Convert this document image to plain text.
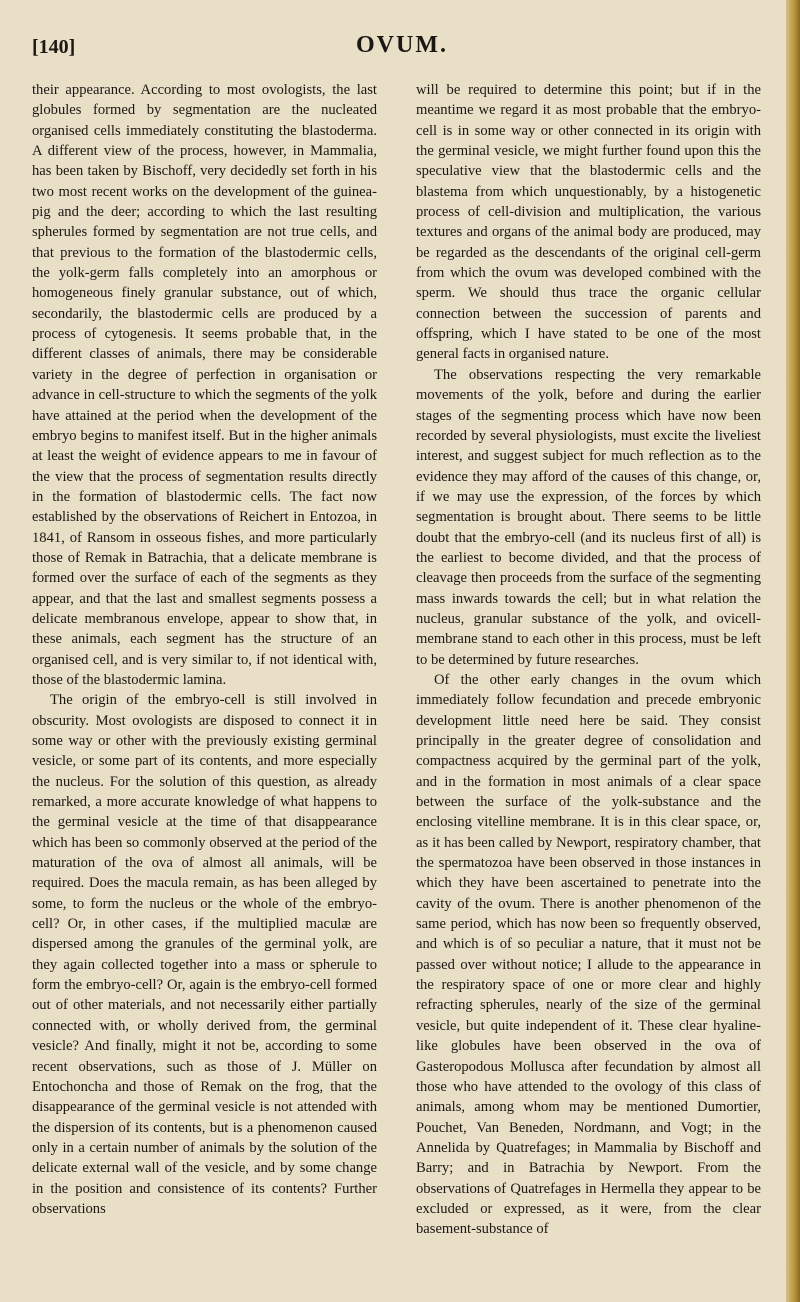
[140]	OVUM.

their appearance. According to most ovologists, the last globules formed by segmentation are the nucleated organised cells immediately constituting the blastoderma. A different view of the process, however, in Mammalia, has been taken by Bischoff, very decidedly set forth in his two most recent works on the development of the guinea-pig and the deer; according to which the last resulting spherules formed by segmentation are not true cells, and that previous to the formation of the blastodermic cells, the yolk-germ falls completely into an amorphous or homogeneous finely granular substance, out of which, secondarily, the blastodermic cells are produced by a process of cytogenesis. It seems probable that, in the different classes of animals, there may be considerable variety in the degree of perfection in organisation or advance in cell-structure to which the segments of the yolk have attained at the period when the development of the embryo begins to manifest itself. But in the higher animals at least the weight of evidence appears to me in favour of the view that the process of segmentation results directly in the formation of blastodermic cells. The fact now established by the observations of Reichert in Entozoa, in 1841, of Ransom in osseous fishes, and more particularly those of Remak in Batrachia, that a delicate membrane is formed over the surface of each of the segments as they appear, and that the last and smallest segments possess a delicate membranous envelope, appear to show that, in these animals, each segment has the structure of an organised cell, and is very similar to, if not identical with, those of the blastodermic lamina.

The origin of the embryo-cell is still involved in obscurity. Most ovologists are disposed to connect it in some way or other with the previously existing germinal vesicle, or some part of its contents, and more especially the nucleus. For the solution of this question, as already remarked, a more accurate knowledge of what happens to the germinal vesicle at the time of that disappearance which has been so commonly observed at the period of the maturation of the ova of almost all animals, will be required. Does the macula remain, as has been alleged by some, to form the nucleus or the whole of the embryo-cell? Or, in other cases, if the multiplied maculæ are dispersed among the granules of the germinal yolk, are they again collected together into a mass or spherule to form the embryo-cell? Or, again is the embryo-cell formed out of other materials, and not necessarily either partially connected with, or wholly derived from, the germinal vesicle? And finally, might it not be, according to some recent observations, such as those of J. Müller on Entochoncha and those of Remak on the frog, that the disappearance of the germinal vesicle is not attended with the dispersion of its contents, but is a phenomenon caused only in a certain number of animals by the solution of the delicate external wall of the vesicle, and by some change in the position and consistence of its contents? Further observations

will be required to determine this point; but if in the meantime we regard it as most probable that the embryo-cell is in some way or other connected in its origin with the germinal vesicle, we might further found upon this the speculative view that the blastodermic cells and the blastema from which unquestionably, by a histogenetic process of cell-division and multiplication, the various textures and organs of the animal body are produced, may be regarded as the descendants of the original cell-germ from which the ovum was developed combined with the sperm. We should thus trace the organic cellular connection between the succession of parents and offspring, which I have stated to be one of the most general facts in organised nature.

The observations respecting the very remarkable movements of the yolk, before and during the earlier stages of the segmenting process which have now been recorded by several physiologists, must excite the liveliest interest, and suggest subject for much reflection as to the evidence they may afford of the causes of this change, or, if we may use the expression, of the forces by which segmentation is brought about. There seems to be little doubt that the embryo-cell (and its nucleus first of all) is the earliest to become divided, and that the process of cleavage then proceeds from the surface of the segmenting mass inwards towards the cell; but in what relation the nucleus, granular substance of the yolk, and ovicell-membrane stand to each other in this process, must be left to be determined by future researches.

Of the other early changes in the ovum which immediately follow fecundation and precede embryonic development little need here be said. They consist principally in the greater degree of consolidation and compactness acquired by the germinal part of the yolk, and in the formation in most animals of a clear space between the surface of the yolk-substance and the enclosing vitelline membrane. It is in this clear space, or, as it has been called by Newport, respiratory chamber, that the spermatozoa have been observed in those instances in which they have been ascertained to penetrate into the cavity of the ovum. There is another phenomenon of the same period, which has now been so frequently observed, and which is of so peculiar a nature, that it must not be passed over without notice; I allude to the appearance in the respiratory space of one or more clear and highly refracting spherules, nearly of the size of the germinal vesicle, but quite independent of it. These clear hyaline-like globules have been observed in the ova of Gasteropodous Mollusca after fecundation by almost all those who have attended to the ovology of this class of animals, among whom may be mentioned Dumortier, Pouchet, Van Beneden, Nordmann, and Vogt; in the Annelida by Quatrefages; in Mammalia by Bischoff and Barry; and in Batrachia by Newport. From the observations of Quatrefages in Hermella they appear to be excluded or expressed, as it were, from the clear basement-substance of
